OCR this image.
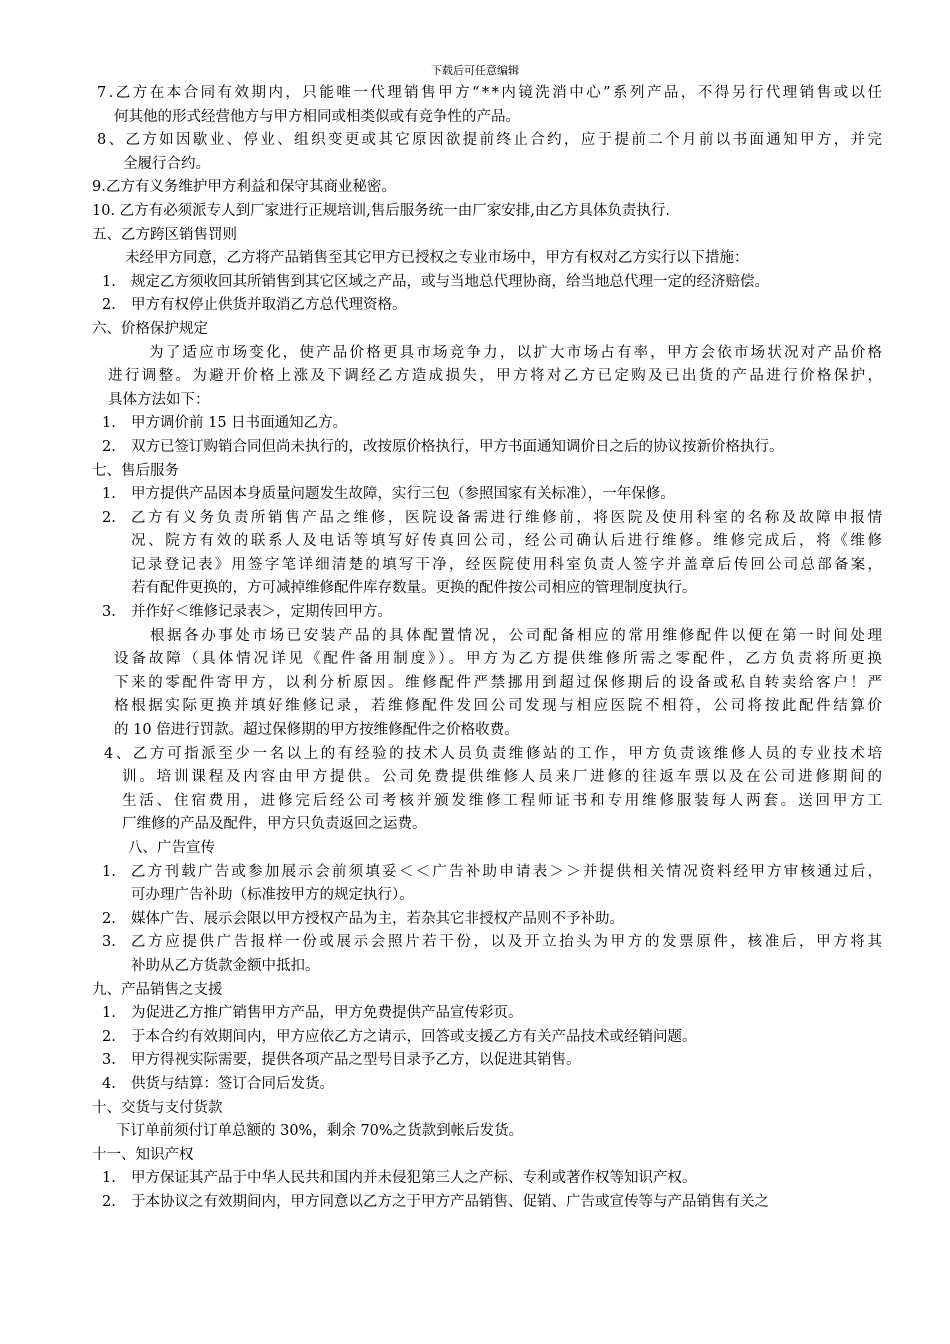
下载后可任意编辑
7.乙方在本合同有效期内，只能唯一代理销售甲方“**内镜洗消中心”系列产品，不得另行代理销售或以任
何其他的形式经营他方与甲方相同或相类似或有竞争性的产品。
8、乙方如因歇业、停业、组织变更或其它原因欲提前终止合约，应于提前二个月前以书面通知甲方，并完
全履行合约。
9.乙方有义务维护甲方利益和保守其商业秘密。
10. 乙方有必须派专人到厂家进行正规培训,售后服务统一由厂家安排,由乙方具体负责执行.
五、乙方跨区销售罚则
未经甲方同意，乙方将产品销售至其它甲方已授权之专业市场中，甲方有权对乙方实行以下措施：
1. 规定乙方须收回其所销售到其它区域之产品，或与当地总代理协商，给当地总代理一定的经济赔偿。
2. 甲方有权停止供货并取消乙方总代理资格。
六、价格保护规定
为了适应市场变化，使产品价格更具市场竞争力，以扩大市场占有率，甲方会依市场状况对产品价格
进行调整。为避开价格上涨及下调经乙方造成损失，甲方将对乙方已定购及已出货的产品进行价格保护，
具体方法如下：
1. 甲方调价前 15 日书面通知乙方。
2. 双方已签订购销合同但尚未执行的，改按原价格执行，甲方书面通知调价日之后的协议按新价格执行。
七、售后服务
1. 甲方提供产品因本身质量问题发生故障，实行三包（参照国家有关标准），一年保修。
2. 乙方有义务负责所销售产品之维修，医院设备需进行维修前，将医院及使用科室的名称及故障申报情
况、院方有效的联系人及电话等填写好传真回公司，经公司确认后进行维修。维修完成后，将《维修
记录登记表》用签字笔详细清楚的填写干净，经医院使用科室负责人签字并盖章后传回公司总部备案，
若有配件更换的，方可减掉维修配件库存数量。更换的配件按公司相应的管理制度执行。
3. 并作好＜维修记录表＞，定期传回甲方。
根据各办事处市场已安装产品的具体配置情况，公司配备相应的常用维修配件以便在第一时间处理
设备故障（具体情况详见《配件备用制度》）。甲方为乙方提供维修所需之零配件，乙方负责将所更换
下来的零配件寄甲方，以利分析原因。维修配件严禁挪用到超过保修期后的设备或私自转卖给客户！严
格根据实际更换并填好维修记录，若维修配件发回公司发现与相应医院不相符，公司将按此配件结算价
的 10 倍进行罚款。超过保修期的甲方按维修配件之价格收费。
4、乙方可指派至少一名以上的有经验的技术人员负责维修站的工作，甲方负责该维修人员的专业技术培
训。培训课程及内容由甲方提供。公司免费提供维修人员来厂进修的往返车票以及在公司进修期间的
生活、住宿费用，进修完后经公司考核并颁发维修工程师证书和专用维修服装每人两套。送回甲方工
厂维修的产品及配件，甲方只负责返回之运费。
八、广告宣传
1. 乙方刊载广告或参加展示会前须填妥＜＜广告补助申请表＞＞并提供相关情况资料经甲方审核通过后，
可办理广告补助（标准按甲方的规定执行）。
2. 媒体广告、展示会限以甲方授权产品为主，若杂其它非授权产品则不予补助。
3. 乙方应提供广告报样一份或展示会照片若干份，以及开立抬头为甲方的发票原件，核准后，甲方将其
补助从乙方货款金额中抵扣。
九、产品销售之支援
1. 为促进乙方推广销售甲方产品，甲方免费提供产品宣传彩页。
2. 于本合约有效期间内，甲方应依乙方之请示，回答或支援乙方有关产品技术或经销问题。
3. 甲方得视实际需要，提供各项产品之型号目录予乙方，以促进其销售。
4. 供货与结算：签订合同后发货。
十、交货与支付货款
下订单前须付订单总额的 30%，剩余 70%之货款到帐后发货。
十一、知识产权
1. 甲方保证其产品于中华人民共和国内并未侵犯第三人之产标、专利或著作权等知识产权。
2. 于本协议之有效期间内，甲方同意以乙方之于甲方产品销售、促销、广告或宣传等与产品销售有关之
